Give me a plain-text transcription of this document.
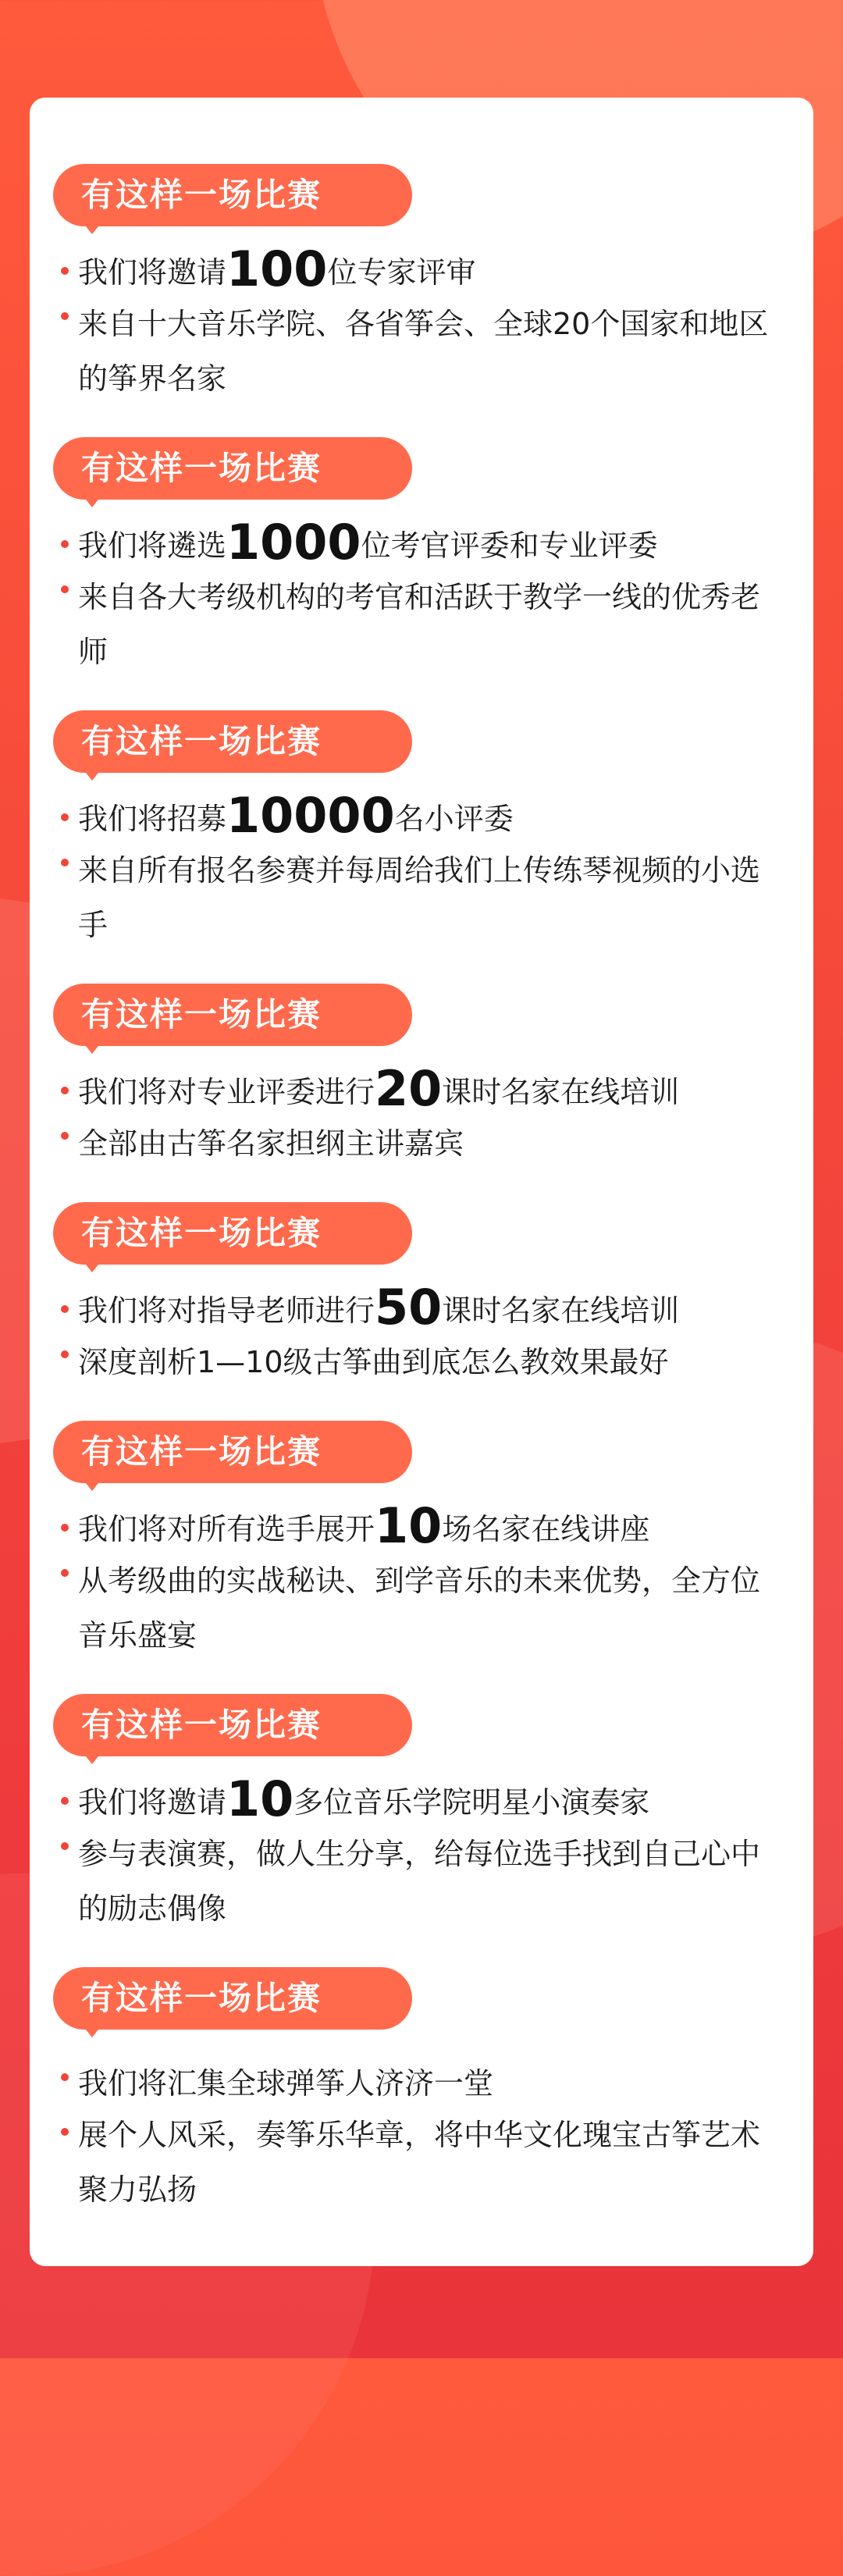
有这样一场比赛
我们将邀请100位专家评审
来自十大音乐学院、各省筝会、全球20个国家和地区的筝界名家
有这样一场比赛
我们将遴选1000位考官评委和专业评委
来自各大考级机构的考官和活跃于教学一线的优秀老师
有这样一场比赛
我们将招募10000名小评委
来自所有报名参赛并每周给我们上传练琴视频的小选手
有这样一场比赛
我们将对专业评委进行20课时名家在线培训
全部由古筝名家担纲主讲嘉宾
有这样一场比赛
我们将对指导老师进行50课时名家在线培训
深度剖析1—10级古筝曲到底怎么教效果最好
有这样一场比赛
我们将对所有选手展开10场名家在线讲座
从考级曲的实战秘诀、到学音乐的未来优势，全方位音乐盛宴
有这样一场比赛
我们将邀请10多位音乐学院明星小演奏家
参与表演赛，做人生分享，给每位选手找到自己心中的励志偶像
有这样一场比赛
我们将汇集全球弹筝人济济一堂
展个人风采，奏筝乐华章，将中华文化瑰宝古筝艺术聚力弘扬
